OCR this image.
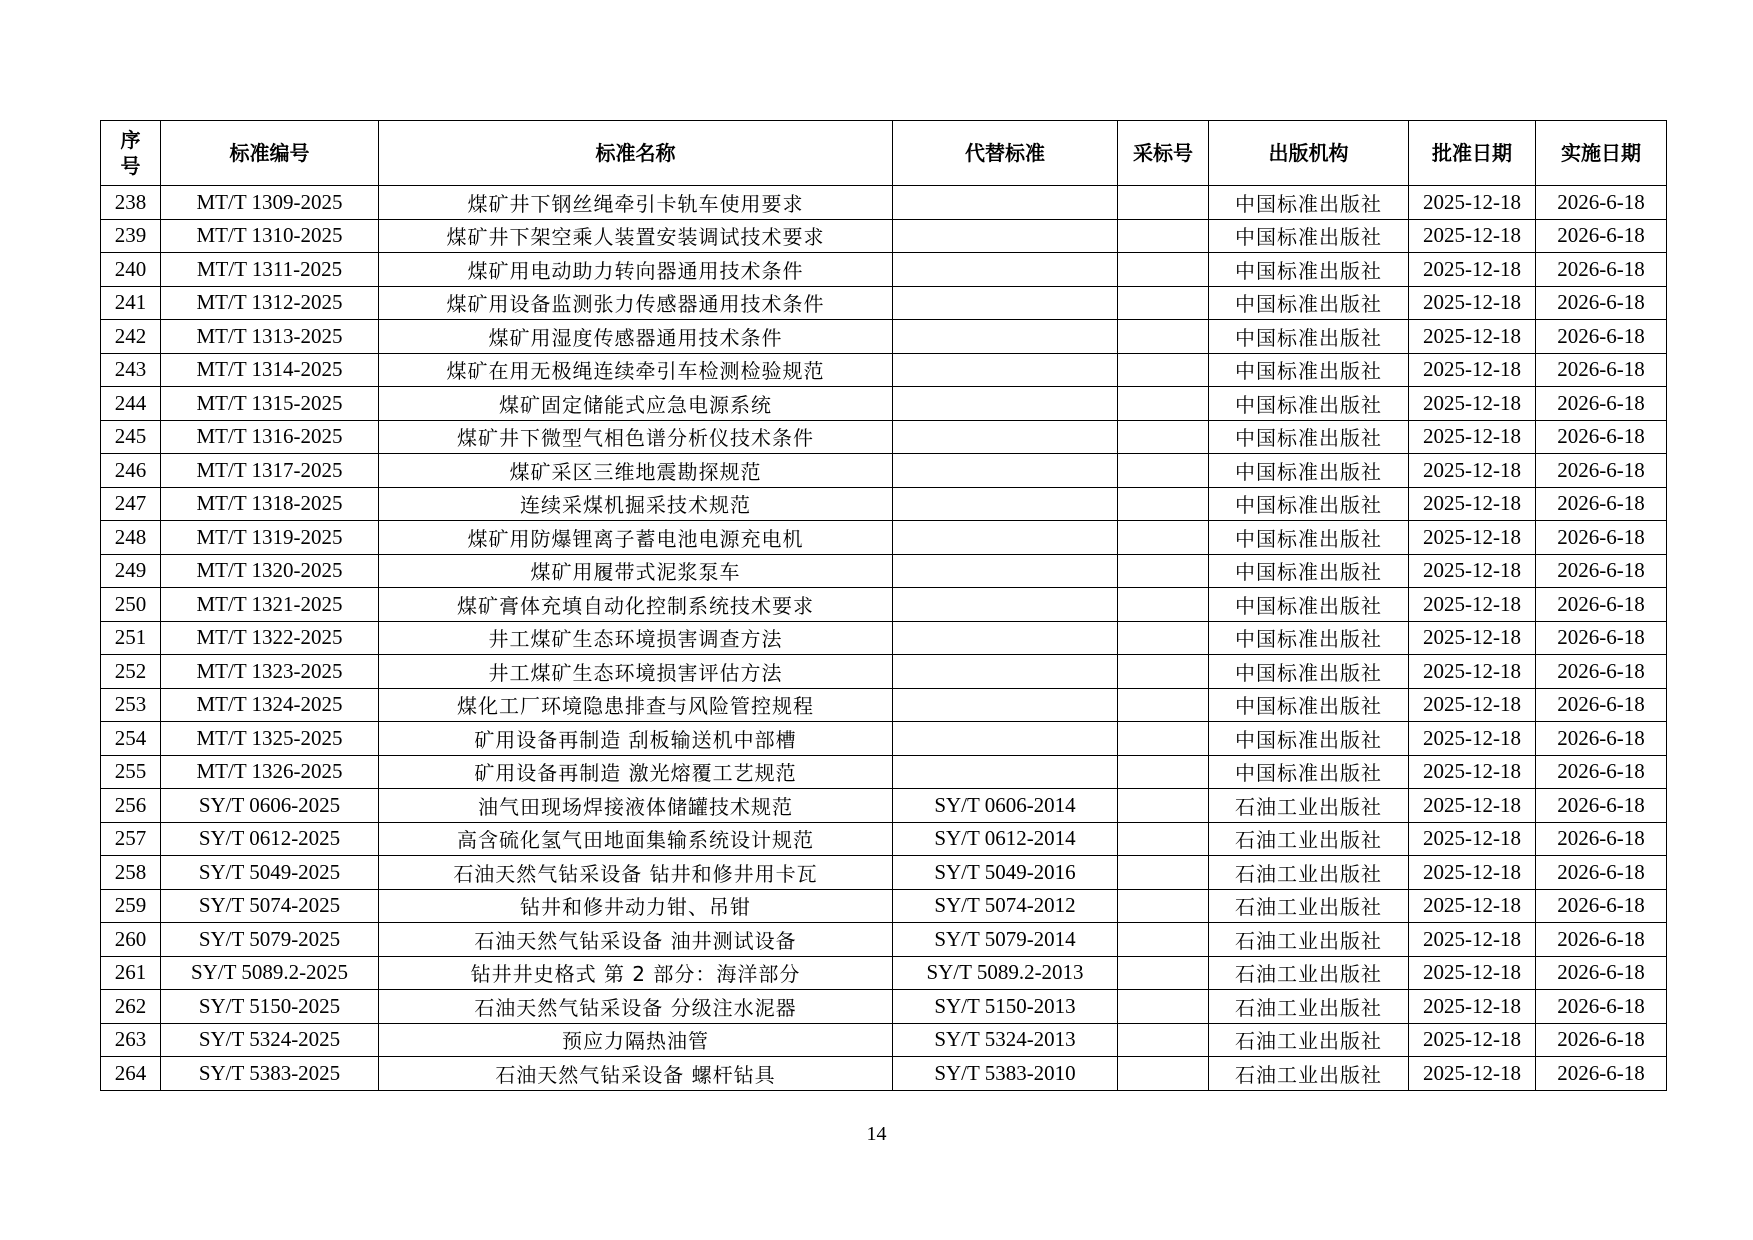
序
号	标准编号	标准名称	代替标准	采标号	出版机构	批准日期	实施日期
238	MT/T 1309-2025	煤矿井下钢丝绳牵引卡轨车使用要求			中国标准出版社	2025-12-18	2026-6-18
239	MT/T 1310-2025	煤矿井下架空乘人装置安装调试技术要求			中国标准出版社	2025-12-18	2026-6-18
240	MT/T 1311-2025	煤矿用电动助力转向器通用技术条件			中国标准出版社	2025-12-18	2026-6-18
241	MT/T 1312-2025	煤矿用设备监测张力传感器通用技术条件			中国标准出版社	2025-12-18	2026-6-18
242	MT/T 1313-2025	煤矿用湿度传感器通用技术条件			中国标准出版社	2025-12-18	2026-6-18
243	MT/T 1314-2025	煤矿在用无极绳连续牵引车检测检验规范			中国标准出版社	2025-12-18	2026-6-18
244	MT/T 1315-2025	煤矿固定储能式应急电源系统			中国标准出版社	2025-12-18	2026-6-18
245	MT/T 1316-2025	煤矿井下微型气相色谱分析仪技术条件			中国标准出版社	2025-12-18	2026-6-18
246	MT/T 1317-2025	煤矿采区三维地震勘探规范			中国标准出版社	2025-12-18	2026-6-18
247	MT/T 1318-2025	连续采煤机掘采技术规范			中国标准出版社	2025-12-18	2026-6-18
248	MT/T 1319-2025	煤矿用防爆锂离子蓄电池电源充电机			中国标准出版社	2025-12-18	2026-6-18
249	MT/T 1320-2025	煤矿用履带式泥浆泵车			中国标准出版社	2025-12-18	2026-6-18
250	MT/T 1321-2025	煤矿膏体充填自动化控制系统技术要求			中国标准出版社	2025-12-18	2026-6-18
251	MT/T 1322-2025	井工煤矿生态环境损害调查方法			中国标准出版社	2025-12-18	2026-6-18
252	MT/T 1323-2025	井工煤矿生态环境损害评估方法			中国标准出版社	2025-12-18	2026-6-18
253	MT/T 1324-2025	煤化工厂环境隐患排查与风险管控规程			中国标准出版社	2025-12-18	2026-6-18
254	MT/T 1325-2025	矿用设备再制造 刮板输送机中部槽			中国标准出版社	2025-12-18	2026-6-18
255	MT/T 1326-2025	矿用设备再制造 激光熔覆工艺规范			中国标准出版社	2025-12-18	2026-6-18
256	SY/T 0606-2025	油气田现场焊接液体储罐技术规范	SY/T 0606-2014		石油工业出版社	2025-12-18	2026-6-18
257	SY/T 0612-2025	高含硫化氢气田地面集输系统设计规范	SY/T 0612-2014		石油工业出版社	2025-12-18	2026-6-18
258	SY/T 5049-2025	石油天然气钻采设备 钻井和修井用卡瓦	SY/T 5049-2016		石油工业出版社	2025-12-18	2026-6-18
259	SY/T 5074-2025	钻井和修井动力钳、吊钳	SY/T 5074-2012		石油工业出版社	2025-12-18	2026-6-18
260	SY/T 5079-2025	石油天然气钻采设备 油井测试设备	SY/T 5079-2014		石油工业出版社	2025-12-18	2026-6-18
261	SY/T 5089.2-2025	钻井井史格式 第 2 部分：海洋部分	SY/T 5089.2-2013		石油工业出版社	2025-12-18	2026-6-18
262	SY/T 5150-2025	石油天然气钻采设备 分级注水泥器	SY/T 5150-2013		石油工业出版社	2025-12-18	2026-6-18
263	SY/T 5324-2025	预应力隔热油管	SY/T 5324-2013		石油工业出版社	2025-12-18	2026-6-18
264	SY/T 5383-2025	石油天然气钻采设备 螺杆钻具	SY/T 5383-2010		石油工业出版社	2025-12-18	2026-6-18
14
